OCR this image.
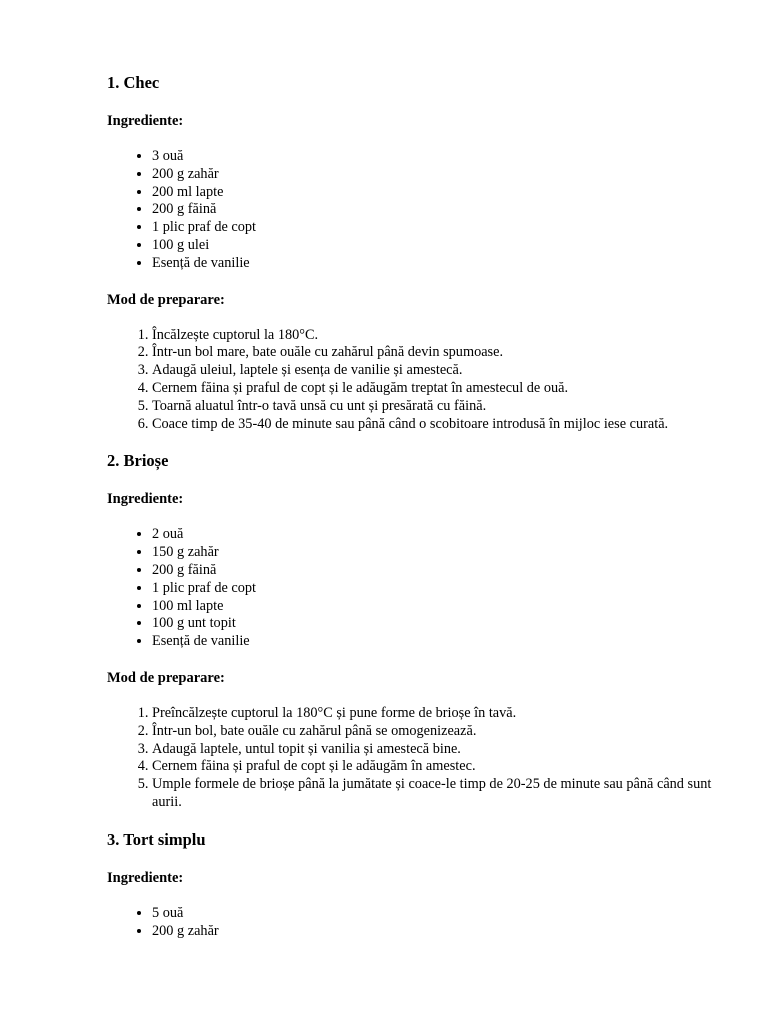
1. Chec

Ingrediente:

• 3 ouă
• 200 g zahăr
• 200 ml lapte
• 200 g făină
• 1 plic praf de copt
• 100 g ulei
• Esență de vanilie

Mod de preparare:

1. Încălzește cuptorul la 180°C.
2. Într-un bol mare, bate ouăle cu zahărul până devin spumoase.
3. Adaugă uleiul, laptele și esența de vanilie și amestecă.
4. Cernem făina și praful de copt și le adăugăm treptat în amestecul de ouă.
5. Toarnă aluatul într-o tavă unsă cu unt și presărată cu făină.
6. Coace timp de 35-40 de minute sau până când o scobitoare introdusă în mijloc iese curată.
2. Brioșe

Ingrediente:

• 2 ouă
• 150 g zahăr
• 200 g făină
• 1 plic praf de copt
• 100 ml lapte
• 100 g unt topit
• Esență de vanilie

Mod de preparare:

1. Preîncălzește cuptorul la 180°C și pune forme de brioșe în tavă.
2. Într-un bol, bate ouăle cu zahărul până se omogenizează.
3. Adaugă laptele, untul topit și vanilia și amestecă bine.
4. Cernem făina și praful de copt și le adăugăm în amestec.
5. Umple formele de brioșe până la jumătate și coace-le timp de 20-25 de minute sau până când sunt aurii.
3. Tort simplu

Ingrediente:

• 5 ouă
• 200 g zahăr
